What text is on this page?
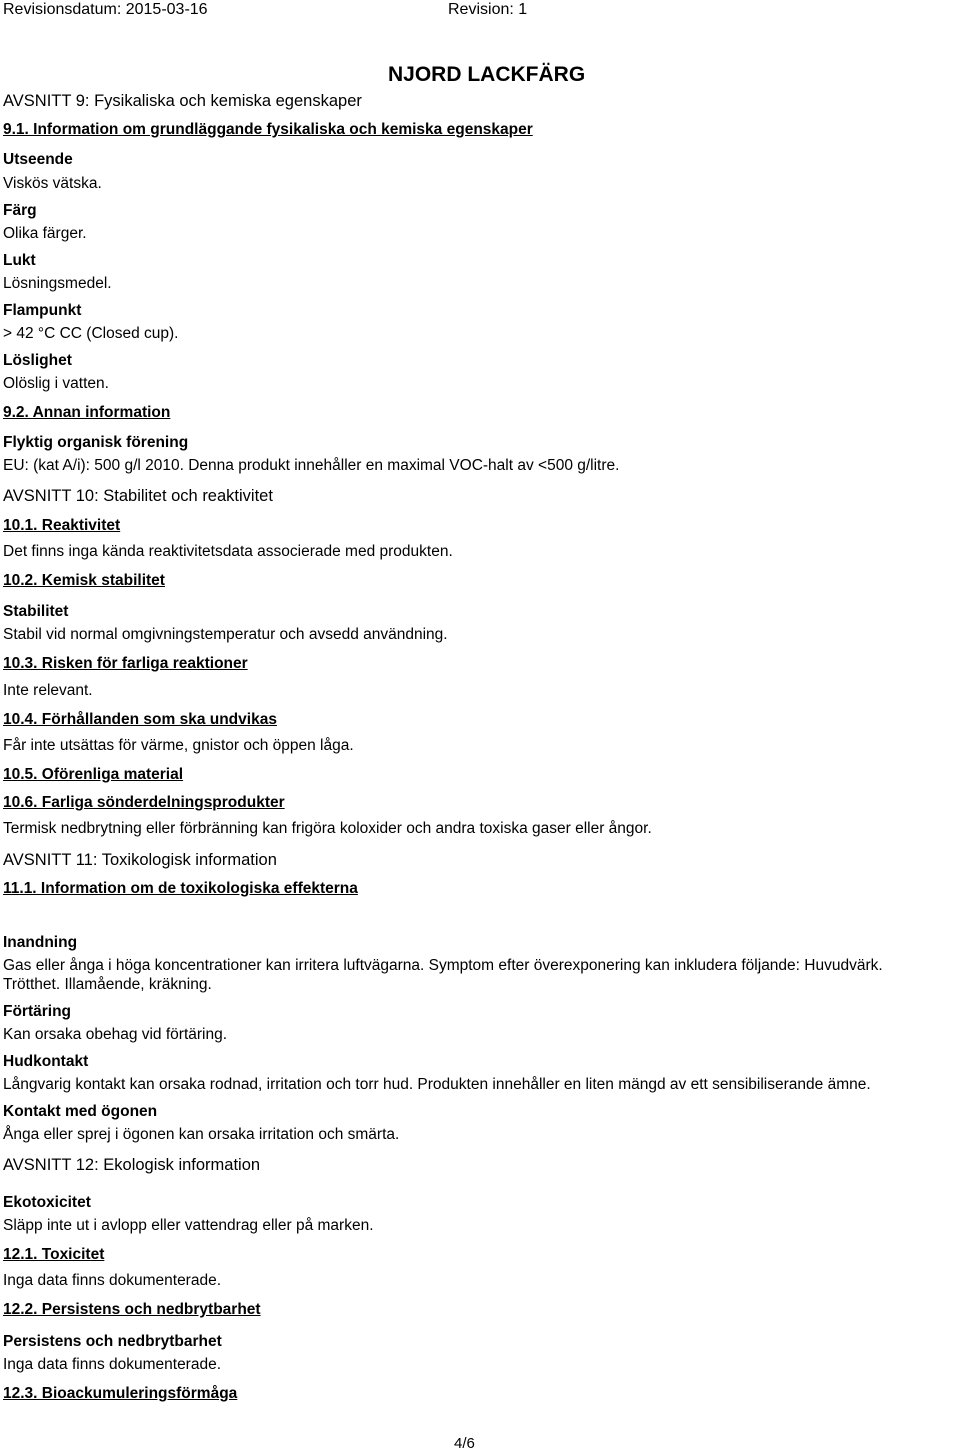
Revisionsdatum: 2015-03-16	Revision: 1
NJORD LACKFÄRG
AVSNITT 9: Fysikaliska och kemiska egenskaper
9.1. Information om grundläggande fysikaliska och kemiska egenskaper
Utseende
Viskös vätska.
Färg
Olika färger.
Lukt
Lösningsmedel.
Flampunkt
> 42 °C CC (Closed cup).
Löslighet
Olöslig i vatten.
9.2. Annan information
Flyktig organisk förening
EU: (kat A/i): 500 g/l 2010. Denna produkt innehåller en maximal VOC-halt av <500 g/litre.
AVSNITT 10: Stabilitet och reaktivitet
10.1. Reaktivitet
Det finns inga kända reaktivitetsdata associerade med produkten.
10.2. Kemisk stabilitet
Stabilitet
Stabil vid normal omgivningstemperatur och avsedd användning.
10.3. Risken för farliga reaktioner
Inte relevant.
10.4. Förhållanden som ska undvikas
Får inte utsättas för värme, gnistor och öppen låga.
10.5. Oförenliga material
10.6. Farliga sönderdelningsprodukter
Termisk nedbrytning eller förbränning kan frigöra koloxider och andra toxiska gaser eller ångor.
AVSNITT 11: Toxikologisk information
11.1. Information om de toxikologiska effekterna
Inandning
Gas eller ånga i höga koncentrationer kan irritera luftvägarna. Symptom efter överexponering kan inkludera följande: Huvudvärk.
Trötthet. Illamående, kräkning.
Förtäring
Kan orsaka obehag vid förtäring.
Hudkontakt
Långvarig kontakt kan orsaka rodnad, irritation och torr hud. Produkten innehåller en liten mängd av ett sensibiliserande ämne.
Kontakt med ögonen
Ånga eller sprej i ögonen kan orsaka irritation och smärta.
AVSNITT 12: Ekologisk information
Ekotoxicitet
Släpp inte ut i avlopp eller vattendrag eller på marken.
12.1. Toxicitet
Inga data finns dokumenterade.
12.2. Persistens och nedbrytbarhet
Persistens och nedbrytbarhet
Inga data finns dokumenterade.
12.3. Bioackumuleringsförmåga
4/6
